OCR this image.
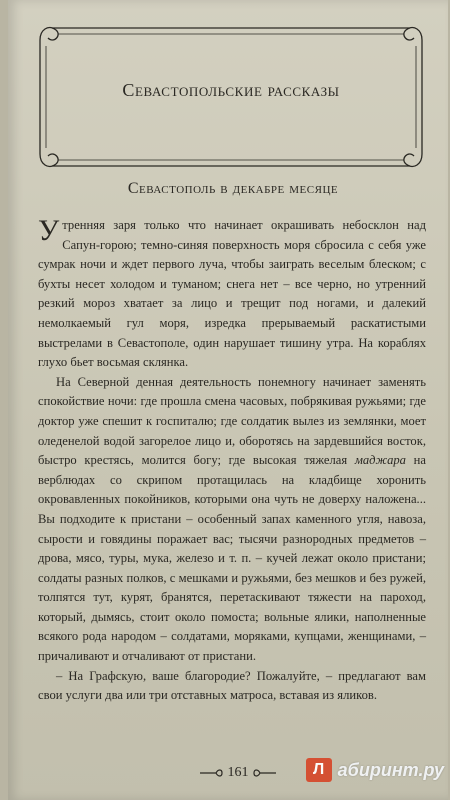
Севастопольские рассказы
Севастополь в декабре месяце

Утренняя заря только что начинает окрашивать небосклон над Сапун-горою; темно-синяя поверхность моря сбросила с себя уже сумрак ночи и ждет первого луча, чтобы заиграть веселым блеском; с бухты несет холодом и туманом; снега нет – все черно, но утренний резкий мороз хватает за лицо и трещит под ногами, и далекий немолкаемый гул моря, изредка прерываемый раскатистыми выстрелами в Севастополе, один нарушает тишину утра. На кораблях глухо бьет восьмая склянка.

На Северной денная деятельность понемногу начинает заменять спокойствие ночи: где прошла смена часовых, побрякивая ружьями; где доктор уже спешит к госпиталю; где солдатик вылез из землянки, моет оледенелой водой загорелое лицо и, оборотясь на зардевшийся восток, быстро крестясь, молится богу; где высокая тяжелая маджара на верблюдах со скрипом протащилась на кладбище хоронить окровавленных покойников, которыми она чуть не доверху наложена... Вы подходите к пристани – особенный запах каменного угля, навоза, сырости и говядины поражает вас; тысячи разнородных предметов – дрова, мясо, туры, мука, железо и т. п. – кучей лежат около пристани; солдаты разных полков, с мешками и ружьями, без мешков и без ружей, толпятся тут, курят, бранятся, перетаскивают тяжести на пароход, который, дымясь, стоит около помоста; вольные ялики, наполненные всякого рода народом – солдатами, моряками, купцами, женщинами, – причаливают и отчаливают от пристани.

– На Графскую, ваше благородие? Пожалуйте, – предлагают вам свои услуги два или три отставных матроса, вставая из яликов.

161	Л абиринт.ру
